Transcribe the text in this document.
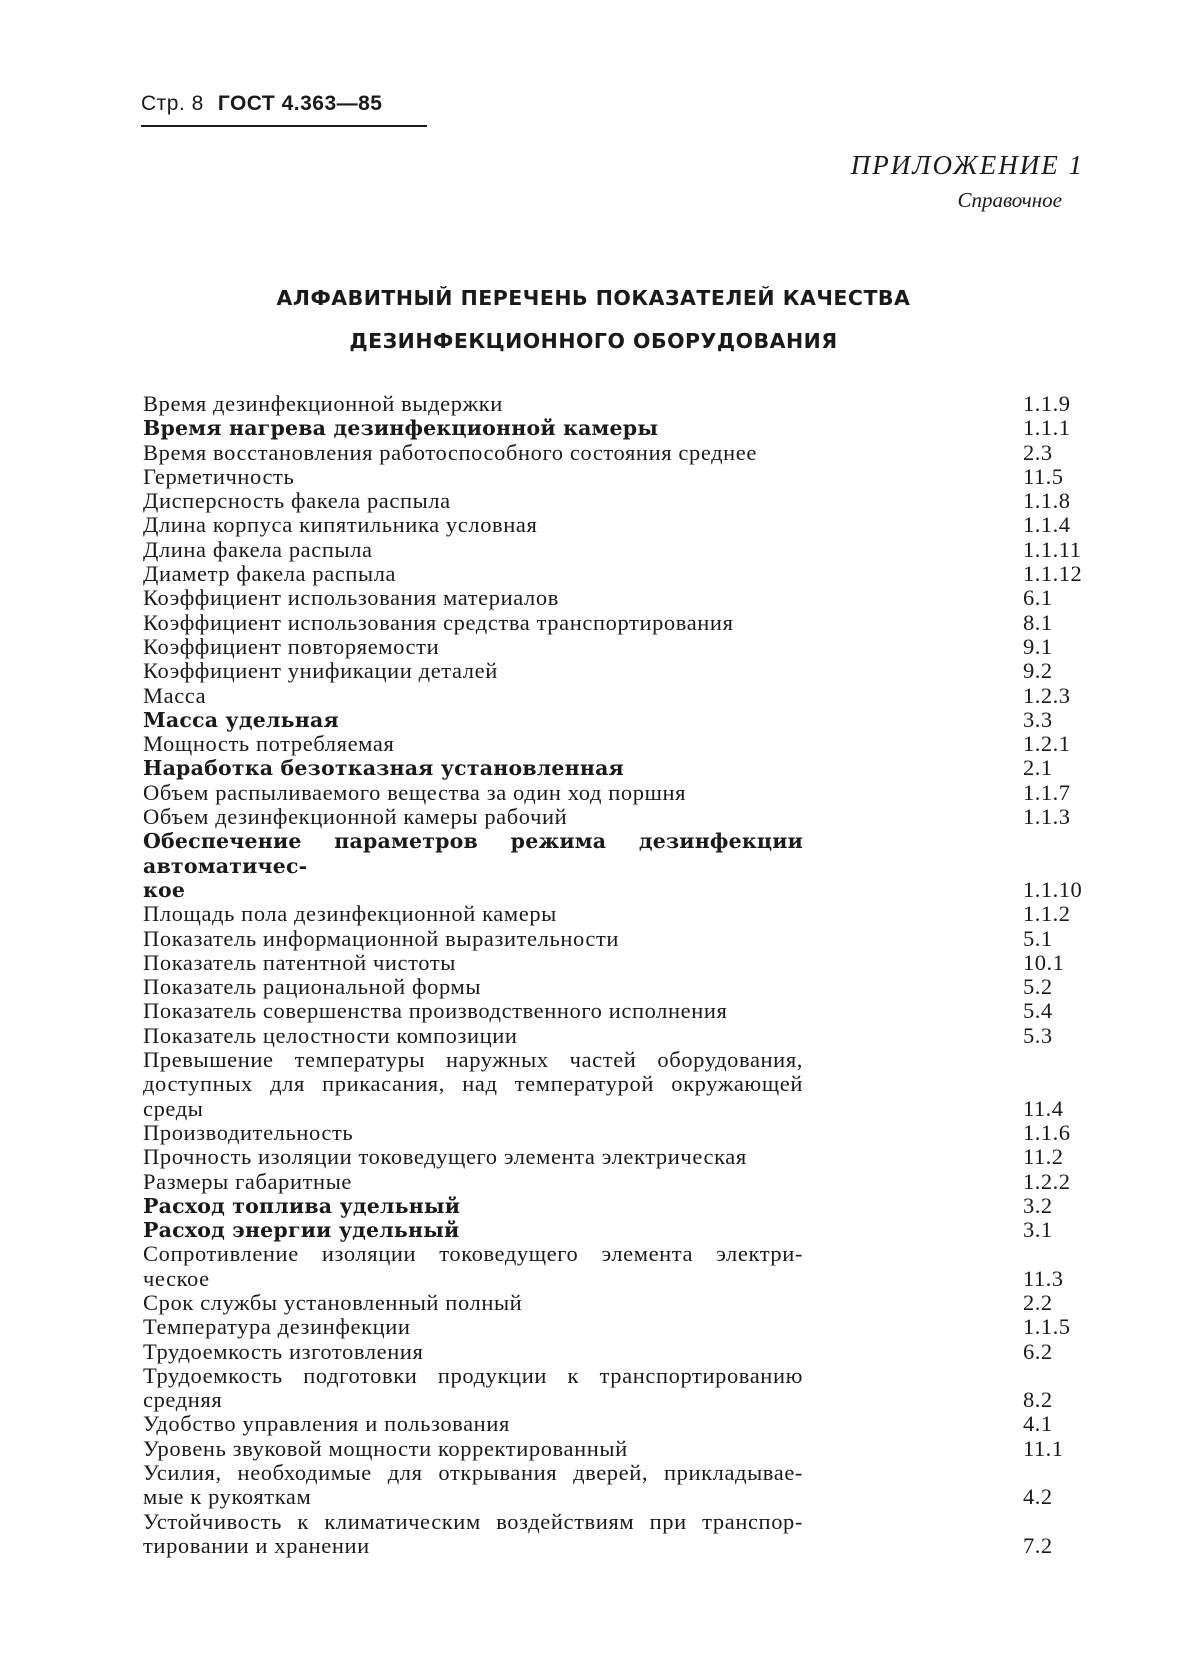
Стр. 8 ГОСТ 4.363—85
ПРИЛОЖЕНИЕ 1
Справочное
АЛФАВИТНЫЙ ПЕРЕЧЕНЬ ПОКАЗАТЕЛЕЙ КАЧЕСТВА
ДЕЗИНФЕКЦИОННОГО ОБОРУДОВАНИЯ
Время дезинфекционной выдержки	1.1.9
Время нагрева дезинфекционной камеры	1.1.1
Время восстановления работоспособного состояния среднее	2.3
Герметичность	11.5
Дисперсность факела распыла	1.1.8
Длина корпуса кипятильника условная	1.1.4
Длина факела распыла	1.1.11
Диаметр факела распыла	1.1.12
Коэффициент использования материалов	6.1
Коэффициент использования средства транспортирования	8.1
Коэффициент повторяемости	9.1
Коэффициент унификации деталей	9.2
Масса	1.2.3
Масса удельная	3.3
Мощность потребляемая	1.2.1
Наработка безотказная установленная	2.1
Объем распыливаемого вещества за один ход поршня	1.1.7
Объем дезинфекционной камеры рабочий	1.1.3
Обеспечение параметров режима дезинфекции автоматичес-
кое	1.1.10
Площадь пола дезинфекционной камеры	1.1.2
Показатель информационной выразительности	5.1
Показатель патентной чистоты	10.1
Показатель рациональной формы	5.2
Показатель совершенства производственного исполнения	5.4
Показатель целостности композиции	5.3
Превышение температуры наружных частей оборудования,
доступных для прикасания, над температурой окружающей
среды	11.4
Производительность	1.1.6
Прочность изоляции токоведущего элемента электрическая	11.2
Размеры габаритные	1.2.2
Расход топлива удельный	3.2
Расход энергии удельный	3.1
Сопротивление изоляции токоведущего элемента электри-
ческое	11.3
Срок службы установленный полный	2.2
Температура дезинфекции	1.1.5
Трудоемкость изготовления	6.2
Трудоемкость подготовки продукции к транспортированию
средняя	8.2
Удобство управления и пользования	4.1
Уровень звуковой мощности корректированный	11.1
Усилия, необходимые для открывания дверей, прикладывае-
мые к рукояткам	4.2
Устойчивость к климатическим воздействиям при транспор-
тировании и хранении	7.2
